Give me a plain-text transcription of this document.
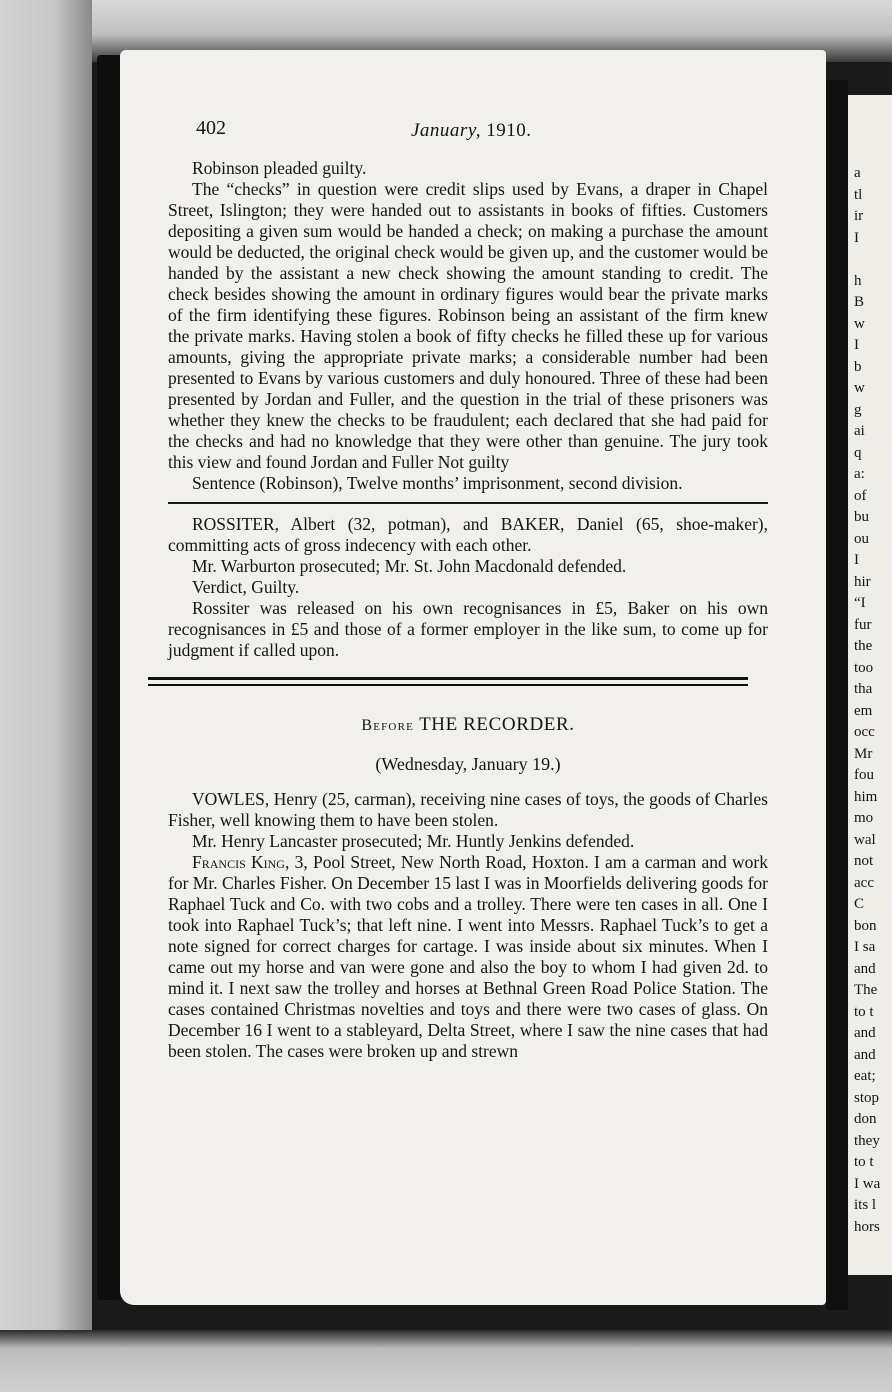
a
tl
ir
I
h
B
w
I
b
w
g
ai
q
a:
of
bu
ou
I
hir
“I
fur
the
too
tha
em
occ
Mr
fou
him
mo
wal
not
acc
C
bon
I sa
and
The
to t
and
and
eat;
stop
don
they
to t
I wa
its l
hors
402	January, 1910.

Robinson pleaded guilty.

The “checks” in question were credit slips used by Evans, a draper in Chapel Street, Islington; they were handed out to assistants in books of fifties. Customers depositing a given sum would be handed a check; on making a purchase the amount would be deducted, the original check would be given up, and the customer would be handed by the assistant a new check showing the amount standing to credit. The check besides showing the amount in ordinary figures would bear the private marks of the firm identifying these figures. Robinson being an assistant of the firm knew the private marks. Having stolen a book of fifty checks he filled these up for various amounts, giving the appropriate private marks; a considerable number had been presented to Evans by various customers and duly honoured. Three of these had been presented by Jordan and Fuller, and the question in the trial of these prisoners was whether they knew the checks to be fraudulent; each declared that she had paid for the checks and had no knowledge that they were other than genuine. The jury took this view and found Jordan and Fuller Not guilty

Sentence (Robinson), Twelve months’ imprisonment, second division.

ROSSITER, Albert (32, potman), and BAKER, Daniel (65, shoe-maker), committing acts of gross indecency with each other.

Mr. Warburton prosecuted; Mr. St. John Macdonald defended.

Verdict, Guilty.

Rossiter was released on his own recognisances in £5, Baker on his own recognisances in £5 and those of a former employer in the like sum, to come up for judgment if called upon.

Before THE RECORDER.
(Wednesday, January 19.)

VOWLES, Henry (25, carman), receiving nine cases of toys, the goods of Charles Fisher, well knowing them to have been stolen.

Mr. Henry Lancaster prosecuted; Mr. Huntly Jenkins defended.

Francis King, 3, Pool Street, New North Road, Hoxton. I am a carman and work for Mr. Charles Fisher. On December 15 last I was in Moorfields delivering goods for Raphael Tuck and Co. with two cobs and a trolley. There were ten cases in all. One I took into Raphael Tuck’s; that left nine. I went into Messrs. Raphael Tuck’s to get a note signed for correct charges for cartage. I was inside about six minutes. When I came out my horse and van were gone and also the boy to whom I had given 2d. to mind it. I next saw the trolley and horses at Bethnal Green Road Police Station. The cases contained Christmas novelties and toys and there were two cases of glass. On December 16 I went to a stableyard, Delta Street, where I saw the nine cases that had been stolen. The cases were broken up and strewn
